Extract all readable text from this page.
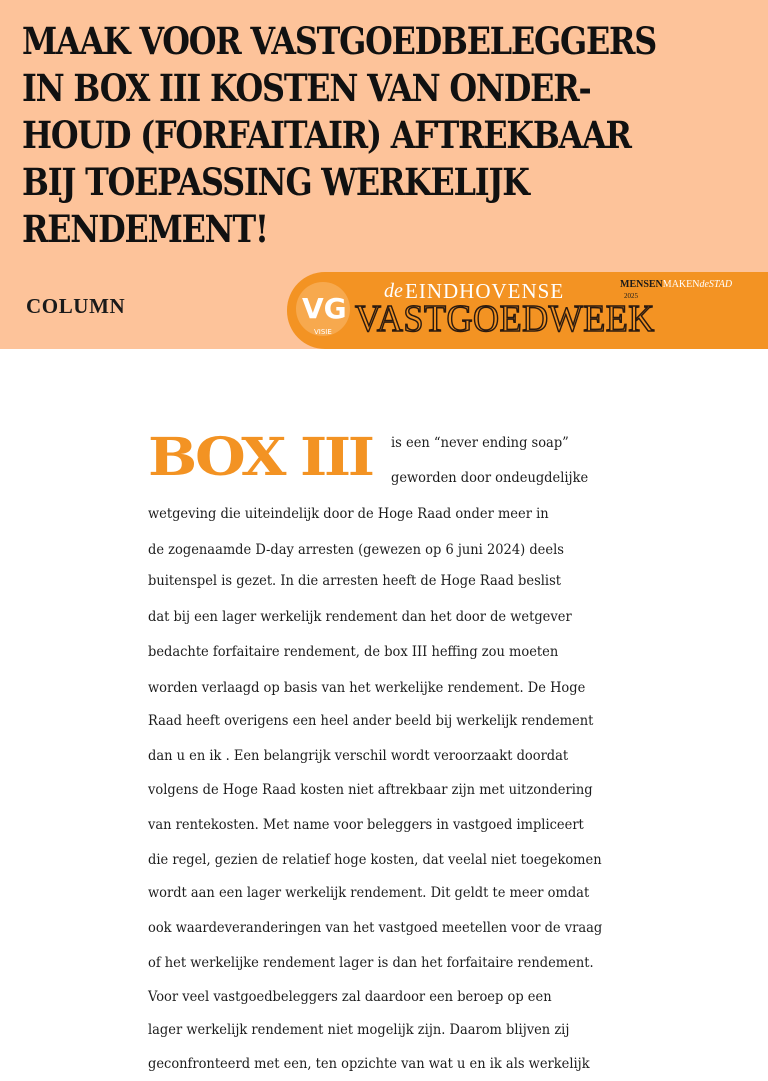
MAAK VOOR VASTGOEDBELEGGERS
IN BOX III KOSTEN VAN ONDER-
HOUD (FORFAITAIR) AFTREKBAAR
BIJ TOEPASSING WERKELIJK
RENDEMENT!
COLUMN	VG
VISIE
de EINDHOVENSE	MENSENMAKENdeSTAD
2025
VASTGOEDWEEK
BOX III is een “never ending soap”
geworden door ondeugdelijke
wetgeving die uiteindelijk door de Hoge Raad onder meer in
de zogenaamde D-day arresten (gewezen op 6 juni 2024) deels
buitenspel is gezet. In die arresten heeft de Hoge Raad beslist
dat bij een lager werkelijk rendement dan het door de wetgever
bedachte forfaitaire rendement, de box III heffing zou moeten
worden verlaagd op basis van het werkelijke rendement. De Hoge
Raad heeft overigens een heel ander beeld bij werkelijk rendement
dan u en ik . Een belangrijk verschil wordt veroorzaakt doordat
volgens de Hoge Raad kosten niet aftrekbaar zijn met uitzondering
van rentekosten. Met name voor beleggers in vastgoed impliceert
die regel, gezien de relatief hoge kosten, dat veelal niet toegekomen
wordt aan een lager werkelijk rendement. Dit geldt te meer omdat
ook waardeveranderingen van het vastgoed meetellen voor de vraag
of het werkelijke rendement lager is dan het forfaitaire rendement.
Voor veel vastgoedbeleggers zal daardoor een beroep op een
lager werkelijk rendement niet mogelijk zijn. Daarom blijven zij
geconfronteerd met een, ten opzichte van wat u en ik als werkelijk
